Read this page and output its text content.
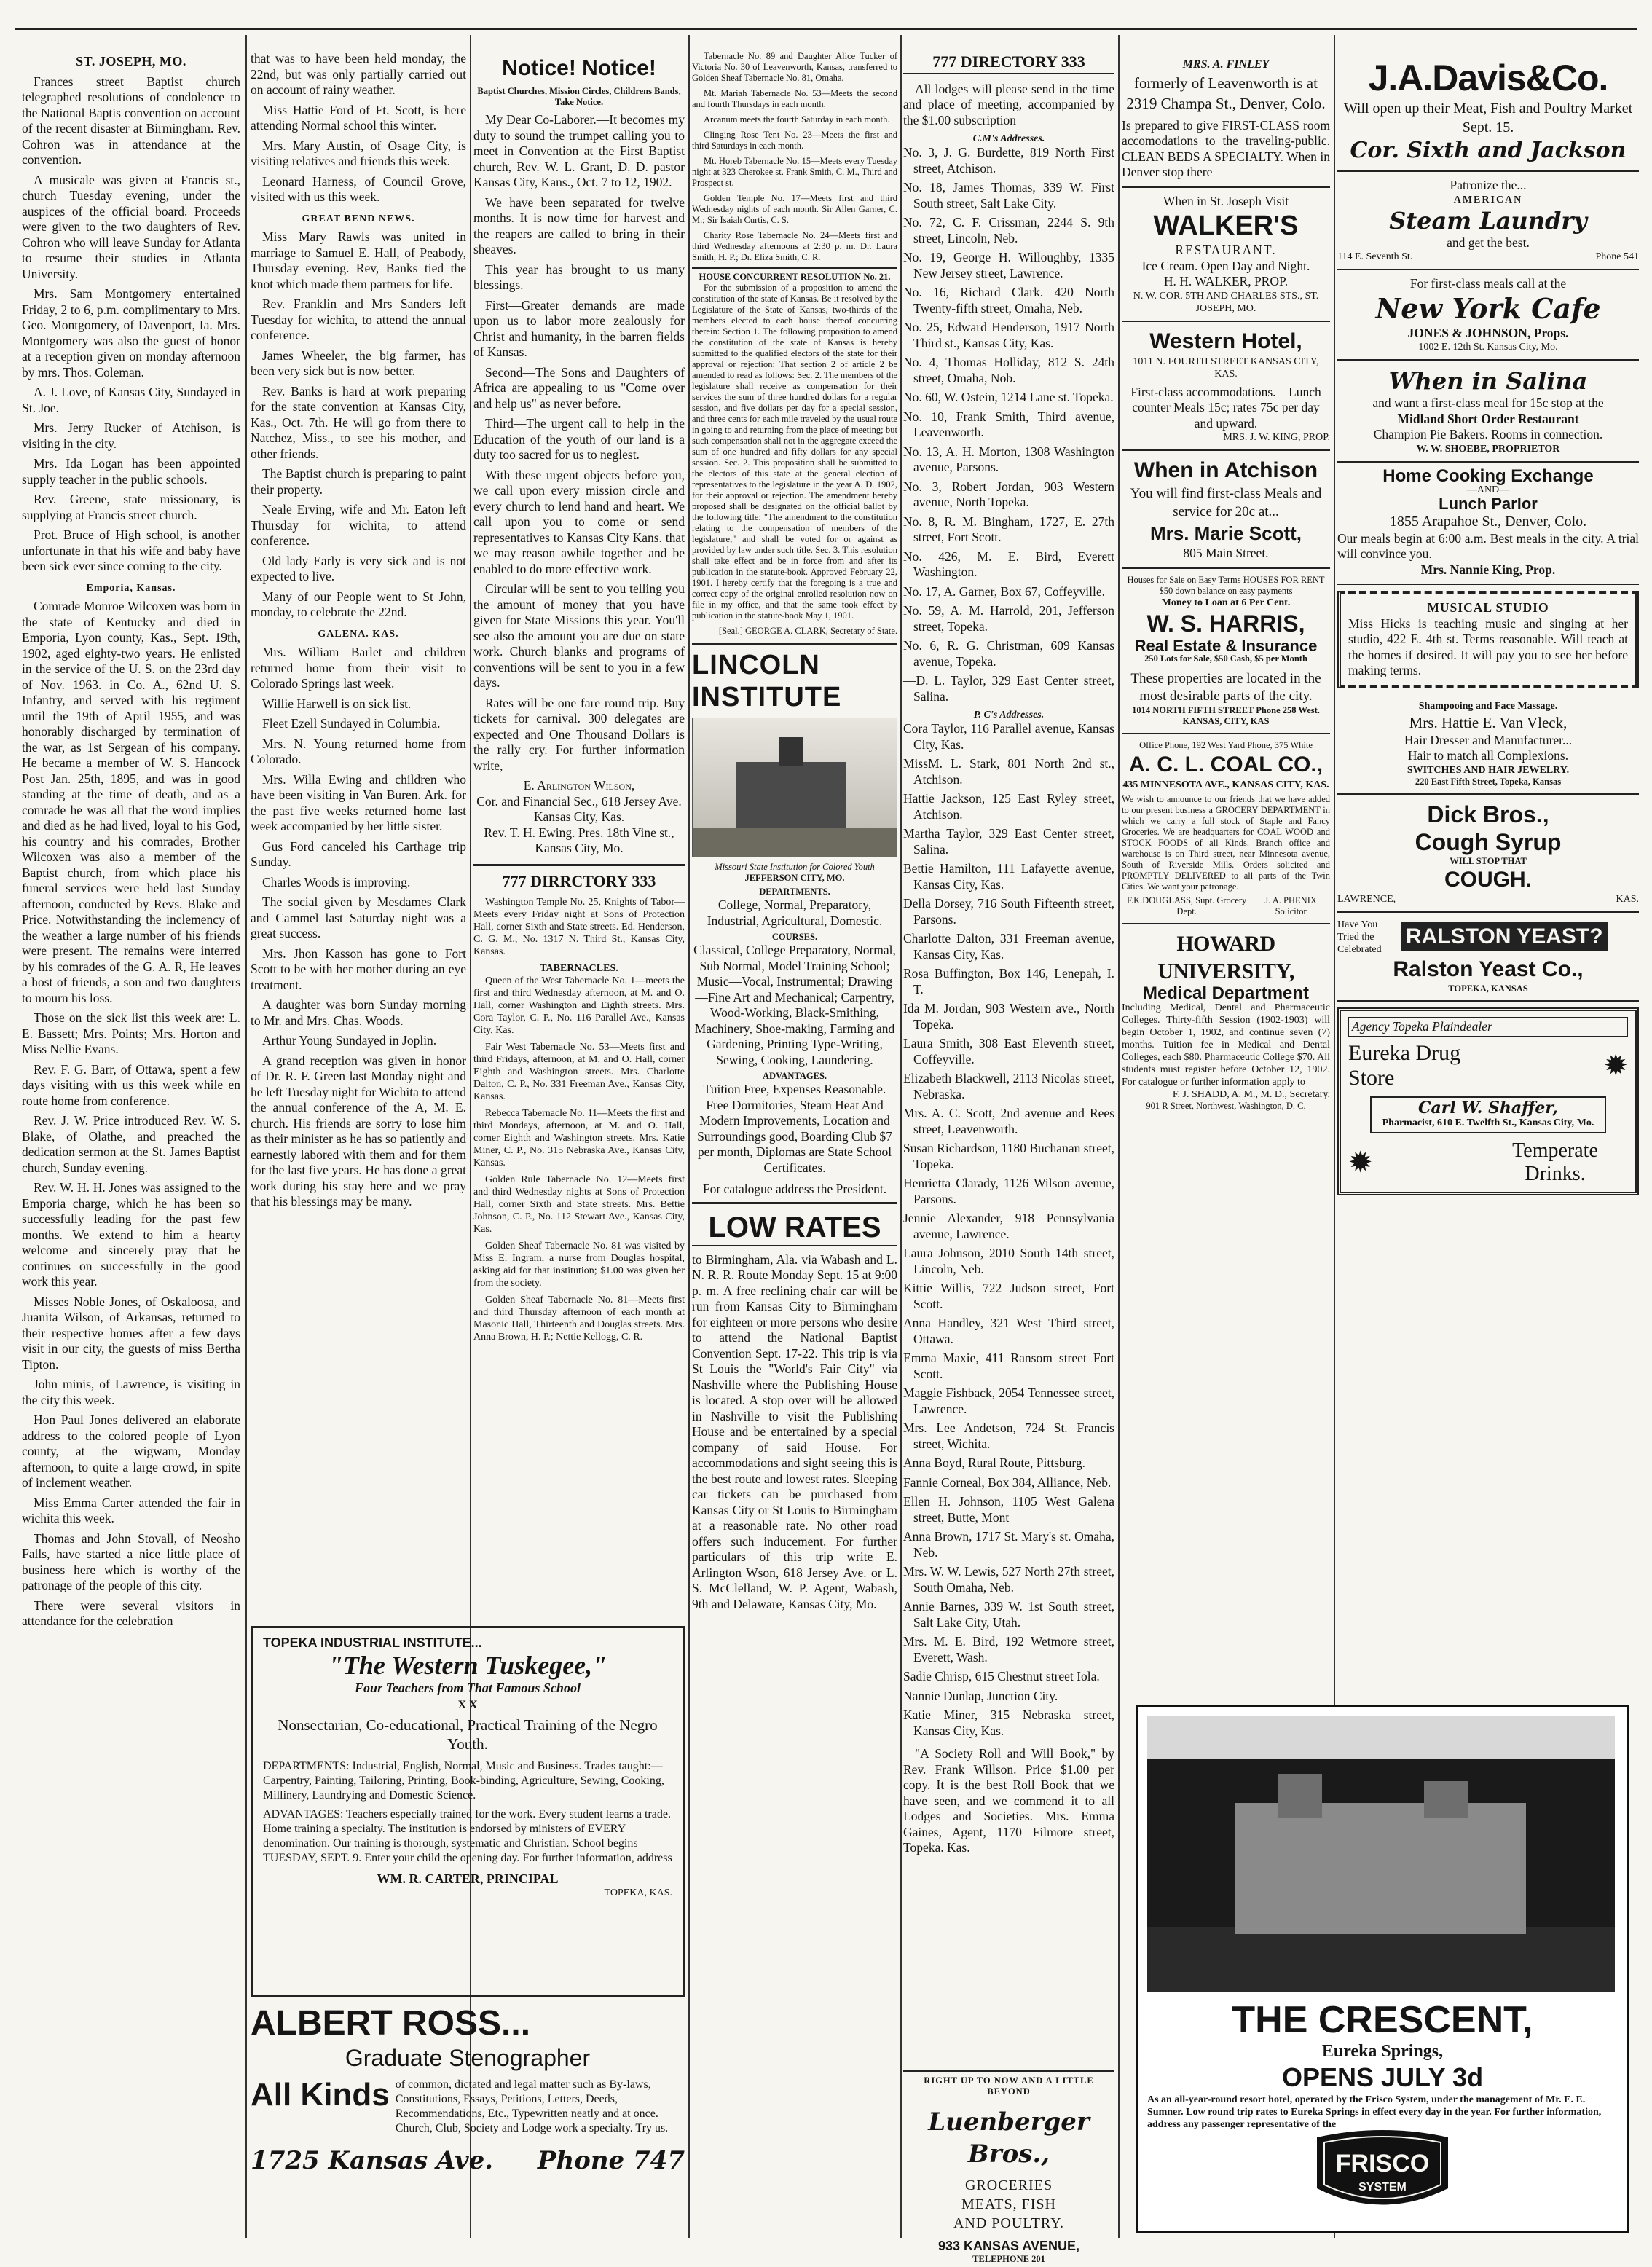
ST. JOSEPH, MO.

Frances street Baptist church telegraphed resolutions of condolence to the National Baptis convention on account of the recent disaster at Birmingham. Rev. Cohron was in attendance at the convention.

A musicale was given at Francis st., church Tuesday evening, under the auspices of the official board. Proceeds were given to the two daughters of Rev. Cohron who will leave Sunday for Atlanta to resume their studies in Atlanta University.

Mrs. Sam Montgomery entertained Friday, 2 to 6, p.m. complimentary to Mrs. Geo. Montgomery, of Davenport, Ia. Mrs. Montgomery was also the guest of honor at a reception given on monday afternoon by mrs. Thos. Coleman.

A. J. Love, of Kansas City, Sundayed in St. Joe.

Mrs. Jerry Rucker of Atchison, is visiting in the city.

Mrs. Ida Logan has been appointed supply teacher in the public schools.

Rev. Greene, state missionary, is supplying at Francis street church.

Prot. Bruce of High school, is another unfortunate in that his wife and baby have been sick ever since coming to the city.

Emporia, Kansas.

Comrade Monroe Wilcoxen was born in the state of Kentucky and died in Emporia, Lyon county, Kas., Sept. 19th, 1902, aged eighty-two years. He enlisted in the service of the U. S. on the 23rd day of Nov. 1963. in Co. A., 62nd U. S. Infantry, and served with his regiment until the 19th of April 1955, and was honorably discharged by termination of the war, as 1st Sergean of his company. He became a member of W. S. Hancock Post Jan. 25th, 1895, and was in good standing at the time of death, and as a comrade he was all that the word implies and died as he had lived, loyal to his God, his country and his comrades, Brother Wilcoxen was also a member of the Baptist church, from which place his funeral services were held last Sunday afternoon, conducted by Revs. Blake and Price. Notwithstanding the inclemency of the weather a large number of his friends were present. The remains were interred by his comrades of the G. A. R, He leaves a host of friends, a son and two daughters to mourn his loss.

Those on the sick list this week are: L. E. Bassett; Mrs. Points; Mrs. Horton and Miss Nellie Evans.

Rev. F. G. Barr, of Ottawa, spent a few days visiting with us this week while en route home from conference.

Rev. J. W. Price introduced Rev. W. S. Blake, of Olathe, and preached the dedication sermon at the St. James Baptist church, Sunday evening.

Rev. W. H. H. Jones was assigned to the Emporia charge, which he has been so successfully leading for the past few months. We extend to him a hearty welcome and sincerely pray that he continues on successfully in the good work this year.

Misses Noble Jones, of Oskaloosa, and Juanita Wilson, of Arkansas, returned to their respective homes after a few days visit in our city, the guests of miss Bertha Tipton.

John minis, of Lawrence, is visiting in the city this week.

Hon Paul Jones delivered an elaborate address to the colored people of Lyon county, at the wigwam, Monday afternoon, to quite a large crowd, in spite of inclement weather.

Miss Emma Carter attended the fair in wichita this week.

Thomas and John Stovall, of Neosho Falls, have started a nice little place of business here which is worthy of the patronage of the people of this city.

There were several visitors in attendance for the celebration

that was to have been held monday, the 22nd, but was only partially carried out on account of rainy weather.

Miss Hattie Ford of Ft. Scott, is here attending Normal school this winter.

Mrs. Mary Austin, of Osage City, is visiting relatives and friends this week.

Leonard Harness, of Council Grove, visited with us this week.

GREAT BEND NEWS.

Miss Mary Rawls was united in marriage to Samuel E. Hall, of Peabody, Thursday evening. Rev, Banks tied the knot which made them partners for life.

Rev. Franklin and Mrs Sanders left Tuesday for wichita, to attend the annual conference.

James Wheeler, the big farmer, has been very sick but is now better.

Rev. Banks is hard at work preparing for the state convention at Kansas City, Kas., Oct. 7th. He will go from there to Natchez, Miss., to see his mother, and other friends.

The Baptist church is preparing to paint their property.

Neale Erving, wife and Mr. Eaton left Thursday for wichita, to attend conference.

Old lady Early is very sick and is not expected to live.

Many of our People went to St John, monday, to celebrate the 22nd.

GALENA. KAS.

Mrs. William Barlet and children returned home from their visit to Colorado Springs last week.

Willie Harwell is on sick list.

Fleet Ezell Sundayed in Columbia.

Mrs. N. Young returned home from Colorado.

Mrs. Willa Ewing and children who have been visiting in Van Buren. Ark. for the past five weeks returned home last week accompanied by her little sister.

Gus Ford canceled his Carthage trip Sunday.

Charles Woods is improving.

The social given by Mesdames Clark and Cammel last Saturday night was a great success.

Mrs. Jhon Kasson has gone to Fort Scott to be with her mother during an eye treatment.

A daughter was born Sunday morning to Mr. and Mrs. Chas. Woods.

Arthur Young Sundayed in Joplin.

A grand reception was given in honor of Dr. R. F. Green last Monday night and he left Tuesday night for Wichita to attend the annual conference of the A, M. E. church. His friends are sorry to lose him as their minister as he has so patiently and earnestly labored with them and for them for the last five years. He has done a great work during his stay here and we pray that his blessings may be many.

Notice! Notice!
Baptist Churches, Mission Circles, Childrens Bands, Take Notice.

My Dear Co-Laborer.—It becomes my duty to sound the trumpet calling you to meet in Convention at the First Baptist church, Rev. W. L. Grant, D. D. pastor Kansas City, Kans., Oct. 7 to 12, 1902.

We have been separated for twelve months. It is now time for harvest and the reapers are called to bring in their sheaves.

This year has brought to us many blessings.

First—Greater demands are made upon us to labor more zealously for Christ and humanity, in the barren fields of Kansas.

Second—The Sons and Daughters of Africa are appealing to us "Come over and help us" as never before.

Third—The urgent call to help in the Education of the youth of our land is a duty too sacred for us to neglest.

With these urgent objects before you, we call upon every mission circle and every church to lend hand and heart. We call upon you to come or send representatives to Kansas City Kans. that we may reason awhile together and be enabled to do more effective work.

Circular will be sent to you telling you the amount of money that you have given for State Missions this year. You'll see also the amount you are due on state work. Church blanks and programs of conventions will be sent to you in a few days.

Rates will be one fare round trip. Buy tickets for carnival. 300 delegates are expected and One Thousand Dollars is the rally cry. For further information write,

E. Arlington Wilson,
Cor. and Financial Sec., 618 Jersey Ave. Kansas City, Kas.
Rev. T. H. Ewing. Pres. 18th Vine st., Kansas City, Mo.
777 DIRRCTORY 333

Washington Temple No. 25, Knights of Tabor—Meets every Friday night at Sons of Protection Hall, corner Sixth and State streets. Ed. Henderson, C. G. M., No. 1317 N. Third St., Kansas City, Kansas.

TABERNACLES.

Queen of the West Tabernacle No. 1—meets the first and third Wednesday afternoon, at M. and O. Hall, corner Washington and Eighth streets. Mrs. Cora Taylor, C. P., No. 116 Parallel Ave., Kansas City, Kas.

Fair West Tabernacle No. 53—Meets first and third Fridays, afternoon, at M. and O. Hall, corner Eighth and Washington streets. Mrs. Charlotte Dalton, C. P., No. 331 Freeman Ave., Kansas City, Kansas.

Rebecca Tabernacle No. 11—Meets the first and third Mondays, afternoon, at M. and O. Hall, corner Eighth and Washington streets. Mrs. Katie Miner, C. P., No. 315 Nebraska Ave., Kansas City, Kansas.

Golden Rule Tabernacle No. 12—Meets first and third Wednesday nights at Sons of Protection Hall, corner Sixth and State streets. Mrs. Bettie Johnson, C. P., No. 112 Stewart Ave., Kansas City, Kas.

Golden Sheaf Tabernacle No. 81 was visited by Miss E. Ingram, a nurse from Douglas hospital, asking aid for that institution; $1.00 was given her from the society.

Golden Sheaf Tabernacle No. 81—Meets first and third Thursday afternoon of each month at Masonic Hall, Thirteenth and Douglas streets. Mrs. Anna Brown, H. P.; Nettie Kellogg, C. R.

TOPEKA INDUSTRIAL INSTITUTE...
"The Western Tuskegee,"
Four Teachers from That Famous School
X X
Nonsectarian, Co-educational, Practical Training of the Negro Youth.
DEPARTMENTS: Industrial, English, Normal, Music and Business. Trades taught:—Carpentry, Painting, Tailoring, Printing, Book-binding, Agriculture, Sewing, Cooking, Millinery, Laundrying and Domestic Science.
ADVANTAGES: Teachers especially trained for the work. Every student learns a trade. Home training a specialty. The institution is endorsed by ministers of EVERY denomination. Our training is thorough, systematic and Christian. School begins TUESDAY, SEPT. 9. Enter your child the opening day. For further information, address
WM. R. CARTER, PRINCIPAL
TOPEKA, KAS.
ALBERT ROSS...
Graduate Stenographer
All Kinds of common, dictated and legal matter such as By-laws, Constitutions, Essays, Petitions, Letters, Deeds, Recommendations, Etc., Typewritten neatly and at once. Church, Club, Society and Lodge work a specialty. Try us.
1725 Kansas Ave. Phone 747

Tabernacle No. 89 and Daughter Alice Tucker of Victoria No. 30 of Leavenworth, Kansas, transferred to Golden Sheaf Tabernacle No. 81, Omaha.

Mt. Mariah Tabernacle No. 53—Meets the second and fourth Thursdays in each month.

Arcanum meets the fourth Saturday in each month.

Clinging Rose Tent No. 23—Meets the first and third Saturdays in each month.

Mt. Horeb Tabernacle No. 15—Meets every Tuesday night at 323 Cherokee st. Frank Smith, C. M., Third and Prospect st.

Golden Temple No. 17—Meets first and third Wednesday nights of each month. Sir Allen Garner, C. M.; Sir Isaiah Curtis, C. S.

Charity Rose Tabernacle No. 24—Meets first and third Wednesday afternoons at 2:30 p. m. Dr. Laura Smith, H. P.; Dr. Eliza Smith, C. R.

HOUSE CONCURRENT RESOLUTION No. 21.

For the submission of a proposition to amend the constitution of the state of Kansas. Be it resolved by the Legislature of the State of Kansas, two-thirds of the members elected to each house thereof concurring therein: Section 1. The following proposition to amend the constitution of the state of Kansas is hereby submitted to the qualified electors of the state for their approval or rejection: That section 2 of article 2 be amended to read as follows: Sec. 2. The members of the legislature shall receive as compensation for their services the sum of three hundred dollars for a regular session, and five dollars per day for a special session, and three cents for each mile traveled by the usual route in going to and returning from the place of meeting; but such compensation shall not in the aggregate exceed the sum of one hundred and fifty dollars for any special session. Sec. 2. This proposition shall be submitted to the electors of this state at the general election of representatives to the legislature in the year A. D. 1902, for their approval or rejection. The amendment hereby proposed shall be designated on the official ballot by the following title: "The amendment to the constitution relating to the compensation of members of the legislature," and shall be voted for or against as provided by law under such title. Sec. 3. This resolution shall take effect and be in force from and after its publication in the statute-book. Approved February 22, 1901. I hereby certify that the foregoing is a true and correct copy of the original enrolled resolution now on file in my office, and that the same took effect by publication in the statute-book May 1, 1901.

[Seal.] GEORGE A. CLARK, Secretary of State.
LINCOLN INSTITUTE
Missouri State Institution for Colored Youth
JEFFERSON CITY, MO.
DEPARTMENTS.
College, Normal, Preparatory, Industrial, Agricultural, Domestic.
COURSES.
Classical, College Preparatory, Normal, Sub Normal, Model Training School; Music—Vocal, Instrumental; Drawing—Fine Art and Mechanical; Carpentry, Wood-Working, Black-Smithing, Machinery, Shoe-making, Farming and Gardening, Printing Type-Writing, Sewing, Cooking, Laundering.
ADVANTAGES.
Tuition Free, Expenses Reasonable. Free Dormitories, Steam Heat And Modern Improvements, Location and Surroundings good, Boarding Club $7 per month, Diplomas are State School Certificates.
For catalogue address the President.
LOW RATES

to Birmingham, Ala. via Wabash and L. N. R. R. Route Monday Sept. 15 at 9:00 p. m. A free reclining chair car will be run from Kansas City to Birmingham for eighteen or more persons who desire to attend the National Baptist Convention Sept. 17-22. This trip is via St Louis the "World's Fair City" via Nashville where the Publishing House is located. A stop over will be allowed in Nashville to visit the Publishing House and be entertained by a special company of said House. For accommodations and sight seeing this is the best route and lowest rates. Sleeping car tickets can be purchased from Kansas City or St Louis to Birmingham at a reasonable rate. No other road offers such inducement. For further particulars of this trip write E. Arlington Wson, 618 Jersey Ave. or L. S. McClelland, W. P. Agent, Wabash, 9th and Delaware, Kansas City, Mo.

777 DIRECTORY 333

All lodges will please send in the time and place of meeting, accompanied by the $1.00 subscription

C.M's Addresses.
No. 3, J. G. Burdette, 819 North First street, Atchison.
No. 18, James Thomas, 339 W. First South street, Salt Lake City.
No. 72, C. F. Crissman, 2244 S. 9th street, Lincoln, Neb.
No. 19, George H. Willoughby, 1335 New Jersey street, Lawrence.
No. 16, Richard Clark. 420 North Twenty-fifth street, Omaha, Neb.
No. 25, Edward Henderson, 1917 North Third st., Kansas City, Kas.
No. 4, Thomas Holliday, 812 S. 24th street, Omaha, Nob.
No. 60, W. Ostein, 1214 Lane st. Topeka.
No. 10, Frank Smith, Third avenue, Leavenworth.
No. 13, A. H. Morton, 1308 Washington avenue, Parsons.
No. 3, Robert Jordan, 903 Western avenue, North Topeka.
No. 8, R. M. Bingham, 1727, E. 27th street, Fort Scott.
No. 426, M. E. Bird, Everett Washington.
No. 17, A. Garner, Box 67, Coffeyville.
No. 59, A. M. Harrold, 201, Jefferson street, Topeka.
No. 6, R. G. Christman, 609 Kansas avenue, Topeka.
—D. L. Taylor, 329 East Center street, Salina.
P. C's Addresses.
Cora Taylor, 116 Parallel avenue, Kansas City, Kas.
MissM. L. Stark, 801 North 2nd st., Atchison.
Hattie Jackson, 125 East Ryley street, Atchison.
Martha Taylor, 329 East Center street, Salina.
Bettie Hamilton, 111 Lafayette avenue, Kansas City, Kas.
Della Dorsey, 716 South Fifteenth street, Parsons.
Charlotte Dalton, 331 Freeman avenue, Kansas City, Kas.
Rosa Buffington, Box 146, Lenepah, I. T.
Ida M. Jordan, 903 Western ave., North Topeka.
Laura Smith, 308 East Eleventh street, Coffeyville.
Elizabeth Blackwell, 2113 Nicolas street, Nebraska.
Mrs. A. C. Scott, 2nd avenue and Rees street, Leavenworth.
Susan Richardson, 1180 Buchanan street, Topeka.
Henrietta Clarady, 1126 Wilson avenue, Parsons.
Jennie Alexander, 918 Pennsylvania avenue, Lawrence.
Laura Johnson, 2010 South 14th street, Lincoln, Neb.
Kittie Willis, 722 Judson street, Fort Scott.
Anna Handley, 321 West Third street, Ottawa.
Emma Maxie, 411 Ransom street Fort Scott.
Maggie Fishback, 2054 Tennessee street, Lawrence.
Mrs. Lee Andetson, 724 St. Francis street, Wichita.
Anna Boyd, Rural Route, Pittsburg.
Fannie Corneal, Box 384, Alliance, Neb.
Ellen H. Johnson, 1105 West Galena street, Butte, Mont
Anna Brown, 1717 St. Mary's st. Omaha, Neb.
Mrs. W. W. Lewis, 527 North 27th street, South Omaha, Neb.
Annie Barnes, 339 W. 1st South street, Salt Lake City, Utah.
Mrs. M. E. Bird, 192 Wetmore street, Everett, Wash.
Sadie Chrisp, 615 Chestnut street Iola.
Nannie Dunlap, Junction City.
Katie Miner, 315 Nebraska street, Kansas City, Kas.

"A Society Roll and Will Book," by Rev. Frank Willson. Price $1.00 per copy. It is the best Roll Book that we have seen, and we commend it to all Lodges and Societies. Mrs. Emma Gaines, Agent, 1170 Filmore street, Topeka. Kas.

RIGHT UP TO NOW AND A LITTLE BEYOND
Luenberger Bros.,
GROCERIES MEATS, FISH AND POULTRY.
933 KANSAS AVENUE,
TELEPHONE 201
MRS. A. FINLEY
formerly of Leavenworth is at 2319 Champa St., Denver, Colo.
Is prepared to give FIRST-CLASS room accomodations to the traveling-public. CLEAN BEDS A SPECIALTY. When in Denver stop there
When in St. Joseph Visit
WALKER'S
RESTAURANT.
Ice Cream. Open Day and Night.
H. H. WALKER, PROP.
N. W. COR. 5TH AND CHARLES STS., ST. JOSEPH, MO.
Western Hotel,
1011 N. FOURTH STREET KANSAS CITY, KAS.
First-class accommodations.—Lunch counter Meals 15c; rates 75c per day and upward.
MRS. J. W. KING, PROP.
When in Atchison
You will find first-class Meals and service for 20c at...
Mrs. Marie Scott,
805 Main Street.
Houses for Sale on Easy Terms HOUSES FOR RENT $50 down balance on easy payments
Money to Loan at 6 Per Cent.
W. S. HARRIS,
Real Estate & Insurance
250 Lots for Sale, $50 Cash, $5 per Month
These properties are located in the most desirable parts of the city.
1014 NORTH FIFTH STREET Phone 258 West. KANSAS, CITY, KAS
Office Phone, 192 West Yard Phone, 375 White
A. C. L. COAL CO.,
435 MINNESOTA AVE., KANSAS CITY, KAS.
We wish to announce to our friends that we have added to our present business a GROCERY DEPARTMENT in which we carry a full stock of Staple and Fancy Groceries. We are headquarters for COAL WOOD and STOCK FOODS of all Kinds. Branch office and warehouse is on Third street, near Minnesota avenue, South of Riverside Mills. Orders solicited and PROMPTLY DELIVERED to all parts of the Twin Cities. We want your patronage.
F.K.DOUGLASS, Supt. Grocery Dept.
J. A. PHENIX Solicitor
HOWARD UNIVERSITY,
Medical Department
Including Medical, Dental and Pharmaceutic Colleges. Thirty-fifth Session (1902-1903) will begin October 1, 1902, and continue seven (7) months. Tuition fee in Medical and Dental Colleges, each $80. Pharmaceutic College $70. All students must register before October 12, 1902. For catalogue or further information apply to
F. J. SHADD, A. M., M. D., Secretary.
901 R Street, Northwest, Washington, D. C.
J.A.Davis&Co.
Will open up their Meat, Fish and Poultry Market Sept. 15.
Cor. Sixth and Jackson
Patronize the...
AMERICAN
Steam Laundry
and get the best.
114 E. Seventh St.	Phone 541
For first-class meals call at the
New York Cafe
JONES & JOHNSON, Props.
1002 E. 12th St. Kansas City, Mo.
When in Salina
and want a first-class meal for 15c stop at the
Midland Short Order Restaurant
Champion Pie Bakers. Rooms in connection.
W. W. SHOEBE, PROPRIETOR
Home Cooking Exchange
—AND—
Lunch Parlor
1855 Arapahoe St., Denver, Colo.
Our meals begin at 6:00 a.m. Best meals in the city. A trial will convince you.
Mrs. Nannie King, Prop.
MUSICAL STUDIO
Miss Hicks is teaching music and singing at her studio, 422 E. 4th st. Terms reasonable. Will teach at the homes if desired. It will pay you to see her before making terms.
Shampooing and Face Massage.
Mrs. Hattie E. Van Vleck,
Hair Dresser and Manufacturer...
Hair to match all Complexions.
SWITCHES AND HAIR JEWELRY.
220 East Fifth Street, Topeka, Kansas
Dick Bros.,
Cough Syrup
WILL STOP THAT
COUGH.
LAWRENCE,	KAS.
Have You Tried the Celebrated
RALSTON YEAST?
Ralston Yeast Co.,
TOPEKA, KANSAS
Agency Topeka Plaindealer
Eureka Drug Store	✹
Carl W. Shaffer,
Pharmacist, 610 E. Twelfth St., Kansas City, Mo.
✹	Temperate Drinks.
THE CRESCENT,
Eureka Springs,
OPENS JULY 3d
As an all-year-round resort hotel, operated by the Frisco System, under the management of Mr. E. E. Sumner. Low round trip rates to Eureka Springs in effect every day in the year. For further information, address any passenger representative of the
FRISCO
SYSTEM
